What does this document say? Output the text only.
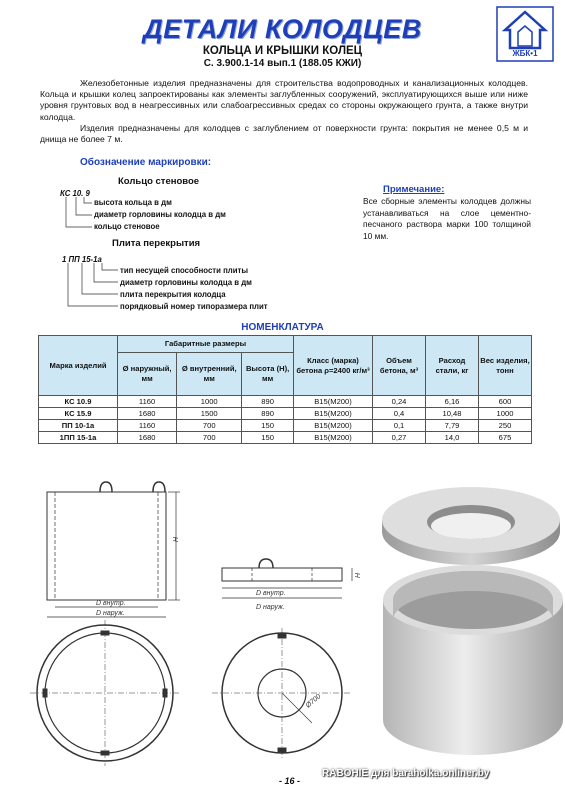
ДЕТАЛИ КОЛОДЦЕВ
КОЛЬЦА И КРЫШКИ КОЛЕЦ
С. 3.900.1-14 вып.1 (188.05 КЖИ)
ЖБК•1

Железобетонные изделия предназначены для строительства водопроводных и канализационных колодцев. Кольца и крышки колец запроектированы как элементы заглубленных сооружений, эксплуатирующихся выше или ниже уровня грунтовых вод в неагрессивных или слабоагрессивных средах со стороны окружающего грунта, а также внутри колодца.

Изделия предназначены для колодцев с заглублением от поверхности грунта: покрытия не менее 0,5 м и днища не более 7 м.

Обозначение маркировки:
Кольцо стеновое
КС 10. 9
высота кольца в дм
диаметр горловины колодца в дм
кольцо стеновое
Плита перекрытия
1 ПП 15-1а
тип несущей способности плиты
диаметр горловины колодца в дм
плита перекрытия колодца
порядковый номер типоразмера плит
Примечание:
Все сборные элементы колодцев должны устанавливаться на слое цементно-песчаного раствора марки 100 толщиной 10 мм.
НОМЕНКЛАТУРА
Марка изделий	Габаритные размеры			Класс (марка) бетона ρ=2400 кг/м³	Объем бетона, м³	Расход стали, кг	Вес изделия, тонн
	Ø наружный, мм	Ø внутренний, мм	Высота (Н), мм				
КС 10.9	1160	1000	890	В15(М200)	0,24	6,16	600
КС 15.9	1680	1500	890	В15(М200)	0,4	10,48	1000
ПП 10-1а	1160	700	150	В15(М200)	0,1	7,79	250
1ПП 15-1а	1680	700	150	В15(М200)	0,27	14,0	675
H
D внутр.
D наруж.
H
D внутр.
D наруж.
Ø700
- 16 -
RABOHIE для baraholka.onliner.by
